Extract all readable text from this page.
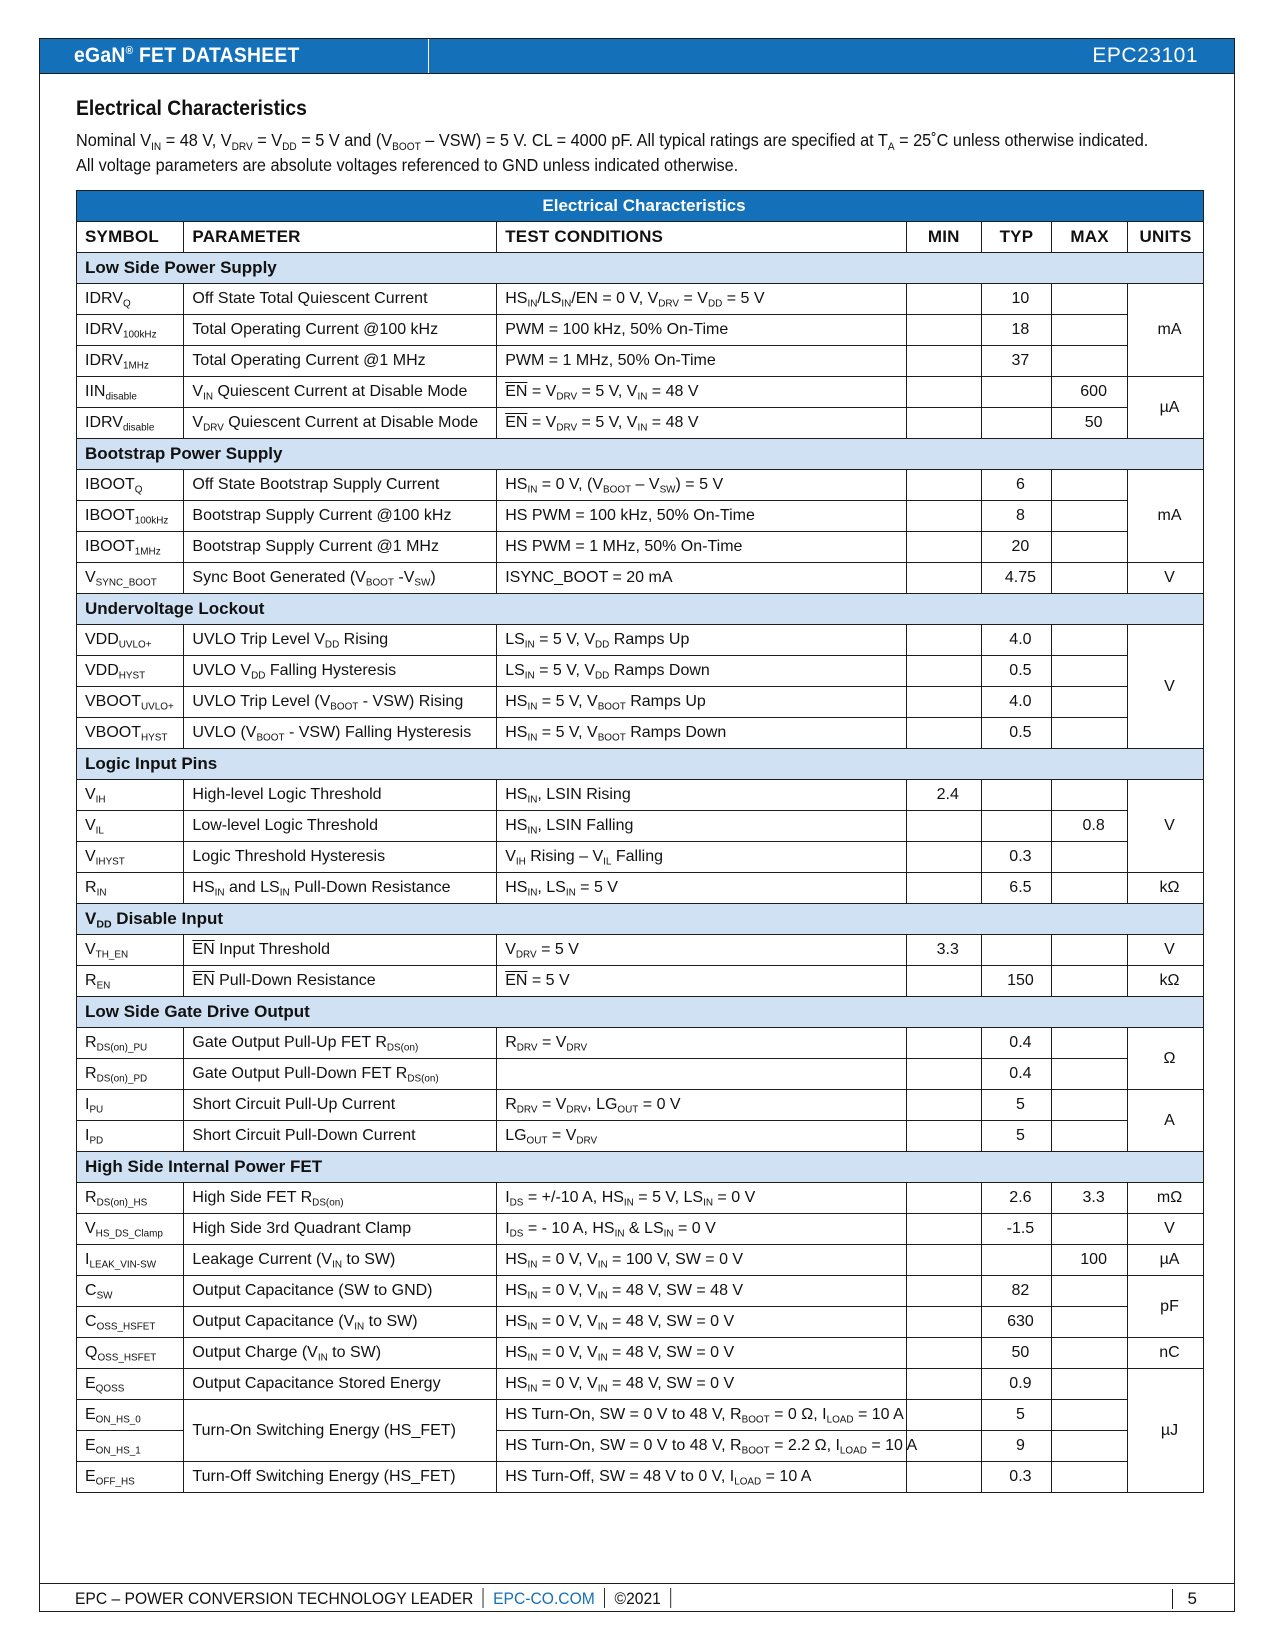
eGaN® FET DATASHEET	EPC23101
Electrical Characteristics
Nominal $V_{IN} = 48$ V, $V_{DRV} = V_{DD} = 5$ V and $(V_{BOOT} - VSW) = 5$ V. CL = 4000 pF. All typical ratings are specified at $T_A$ = 25˚C unless otherwise indicated.
All voltage parameters are absolute voltages referenced to GND unless indicated otherwise.
Electrical Characteristics						
SYMBOL	PARAMETER	TEST CONDITIONS	MIN	TYP	MAX	UNITS
Low Side Power Supply						
$IDRV_Q$	Off State Total Quiescent Current	$HS_{IN}/LS_{IN}/EN = 0$ V, $V_{DRV} = V_{DD} = 5$ V		10		mA
$IDRV_{100kHz}$	Total Operating Current @100 kHz	PWM = 100 kHz, 50% On-Time		18		
$IDRV_{1MHz}$	Total Operating Current @1 MHz	PWM = 1 MHz, 50% On-Time		37		
$IIN_{disable}$	$V_{IN}$ Quiescent Current at Disable Mode	$\overline{EN} = V_{DRV} = 5$ V, $V_{IN} = 48$ V			600	µA
$IDRV_{disable}$	$V_{DRV}$ Quiescent Current at Disable Mode	$\overline{EN} = V_{DRV} = 5$ V, $V_{IN} = 48$ V			50	
Bootstrap Power Supply						
$IBOOT_Q$	Off State Bootstrap Supply Current	$HS_{IN} = 0$ V, $(V_{BOOT} - V_{SW}) = 5$ V		6		mA
$IBOOT_{100kHz}$	Bootstrap Supply Current @100 kHz	HS PWM = 100 kHz, 50% On-Time		8		
$IBOOT_{1MHz}$	Bootstrap Supply Current @1 MHz	HS PWM = 1 MHz, 50% On-Time		20		
$V_{SYNC\_BOOT}$	Sync Boot Generated ($V_{BOOT}$ $-V_{SW}$)	ISYNC_BOOT = 20 mA		4.75		V
Undervoltage Lockout						
$VDD_{UVLO+}$	UVLO Trip Level $V_{DD}$ Rising	$LS_{IN} = 5$ V, $V_{DD}$ Ramps Up		4.0		V
$VDD_{HYST}$	UVLO $V_{DD}$ Falling Hysteresis	$LS_{IN} = 5$ V, $V_{DD}$ Ramps Down		0.5		
$VBOOT_{UVLO+}$	UVLO Trip Level $(V_{BOOT} - VSW)$ Rising	$HS_{IN} = 5$ V, $V_{BOOT}$ Ramps Up		4.0		
$VBOOT_{HYST}$	UVLO $(V_{BOOT} - VSW)$ Falling Hysteresis	$HS_{IN} = 5$ V, $V_{BOOT}$ Ramps Down		0.5		
Logic Input Pins						
$V_{IH}$	High-level Logic Threshold	$HS_{IN}$, LSIN Rising	2.4			V
$V_{IL}$	Low-level Logic Threshold	$HS_{IN}$, LSIN Falling			0.8	
$V_{IHYST}$	Logic Threshold Hysteresis	$V_{IH}$ Rising – $V_{IL}$ Falling		0.3		
$R_{IN}$	$HS_{IN}$ and $LS_{IN}$ Pull-Down Resistance	$HS_{IN}$, $LS_{IN} = 5$ V		6.5		kΩ
$V_{DD}$ Disable Input						
$V_{TH\_EN}$	$\overline{EN}$ Input Threshold	$V_{DRV} = 5$ V	3.3			V
$R_{EN}$	$\overline{EN}$ Pull-Down Resistance	$\overline{EN} = 5$ V		150		kΩ
Low Side Gate Drive Output						
$R_{DS(on)\_PU}$	Gate Output Pull-Up FET $R_{DS(on)}$	$R_{DRV} = V_{DRV}$		0.4		Ω
$R_{DS(on)\_PD}$	Gate Output Pull-Down FET $R_{DS(on)}$			0.4		
$I_{PU}$	Short Circuit Pull-Up Current	$R_{DRV} = V_{DRV}$, $LG_{OUT} = 0$ V		5		A
$I_{PD}$	Short Circuit Pull-Down Current	$LG_{OUT} = V_{DRV}$		5		
High Side Internal Power FET						
$R_{DS(on)\_HS}$	High Side FET $R_{DS(on)}$	$I_{DS} = +/-10$ A, $HS_{IN} = 5$ V, $LS_{IN} = 0$ V		2.6	3.3	mΩ
$V_{HS\_DS\_Clamp}$	High Side 3rd Quadrant Clamp	$I_{DS}$ = - 10 A, $HS_{IN}$ & $LS_{IN} = 0$ V		-1.5		V
$I_{LEAK\_VIN-SW}$	Leakage Current ($V_{IN}$ to SW)	$HS_{IN} = 0$ V, $V_{IN} = 100$ V, SW = 0 V			100	µA
$C_{SW}$	Output Capacitance (SW to GND)	$HS_{IN} = 0$ V, $V_{IN} = 48$ V, SW = 48 V		82		pF
$C_{OSS\_HSFET}$	Output Capacitance ($V_{IN}$ to SW)	$HS_{IN} = 0$ V, $V_{IN} = 48$ V, SW = 0 V		630		
$Q_{OSS\_HSFET}$	Output Charge ($V_{IN}$ to SW)	$HS_{IN} = 0$ V, $V_{IN} = 48$ V, SW = 0 V		50		nC
$E_{QOSS}$	Output Capacitance Stored Energy	$HS_{IN} = 0$ V, $V_{IN} = 48$ V, SW = 0 V		0.9		µJ
$E_{ON\_HS\_0}$	Turn-On Switching Energy (HS_FET)	HS Turn-On, SW = 0 V to 48 V, $R_{BOOT} = 0$ Ω, $I_{LOAD} = 10$ A		5		
$E_{ON\_HS\_1}$		HS Turn-On, SW = 0 V to 48 V, $R_{BOOT} = 2.2$ Ω, $I_{LOAD} = 10$ A		9		
$E_{OFF\_HS}$	Turn-Off Switching Energy (HS_FET)	HS Turn-Off, SW = 48 V to 0 V, $I_{LOAD} = 10$ A		0.3		
EPC – POWER CONVERSION TECHNOLOGY LEADER EPC-CO.COM ©2021	5
